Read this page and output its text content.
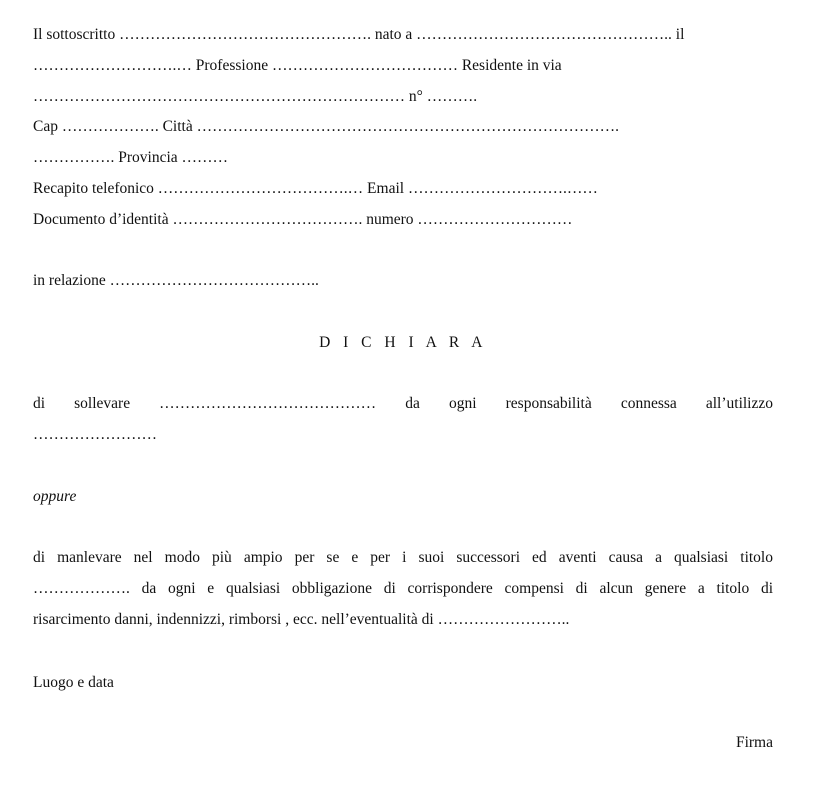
Il sottoscritto …………………………………………. nato a ………………………………………….. il
……………………….… Professione ……………………………… Residente in via
……………………………………………………………… n° ……….
Cap ………………. Città ……………………………………………………………………….
……………. Provincia ………
Recapito telefonico ……………………………….… Email ………………………….……
Documento d’identità ………………………………. numero …………………………
in relazione …………………………………..
D I C H I A R A
di sollevare …………………………………… da ogni responsabilità connessa all’utilizzo
……………………
oppure
di manlevare nel modo più ampio per se e per i suoi successori ed aventi causa a qualsiasi titolo
………………. da ogni e qualsiasi obbligazione di corrispondere compensi di alcun genere a titolo di
risarcimento danni, indennizzi, rimborsi , ecc. nell’eventualità di ……………………..
Luogo e data
Firma
